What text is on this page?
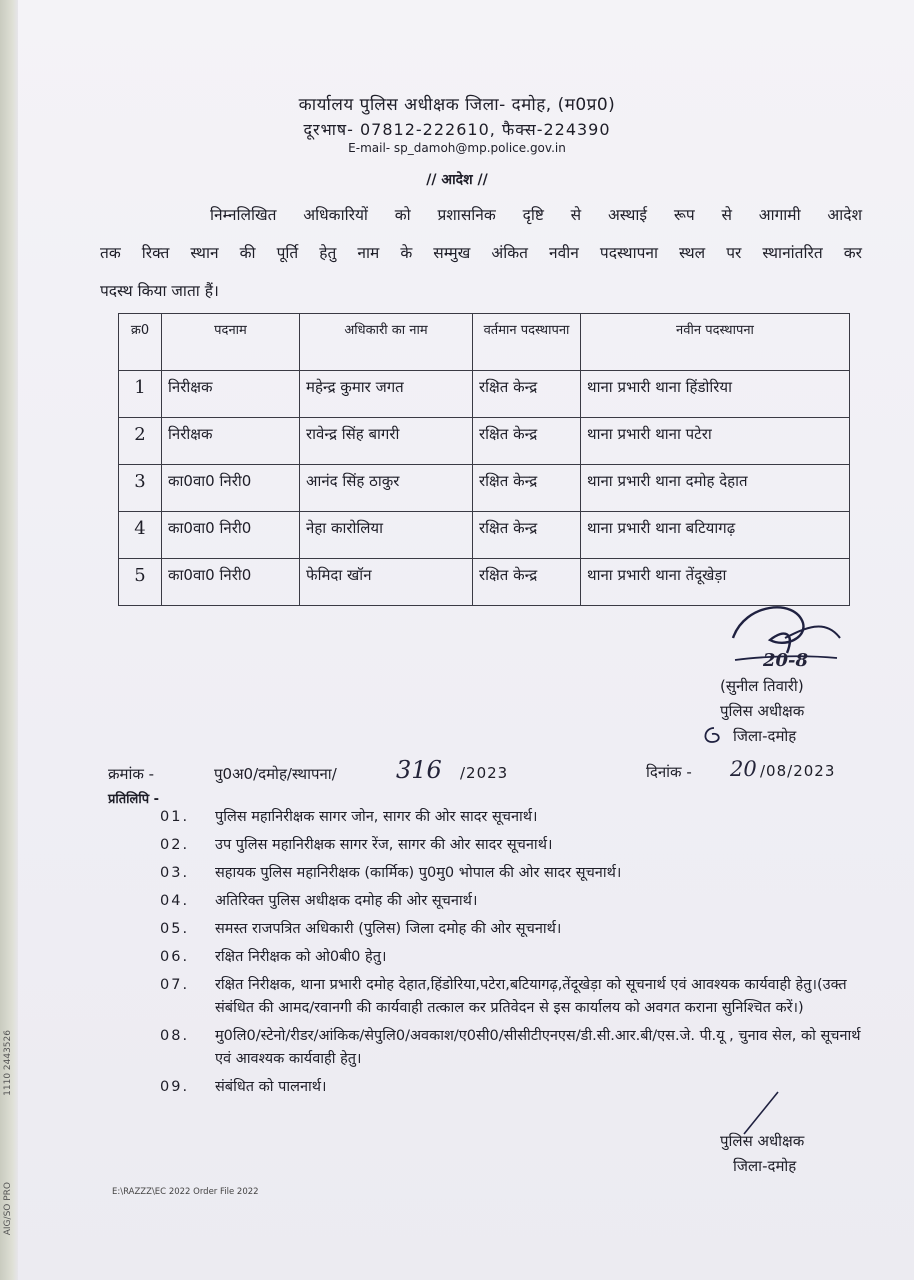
1110 2443526
AIG/SO PRO
कार्यालय पुलिस अधीक्षक जिला- दमोह, (म0प्र0)
दूरभाष- 07812-222610, फैक्स-224390
E-mail- sp_damoh@mp.police.gov.in
// आदेश //
निम्नलिखित अधिकारियों को प्रशासनिक दृष्टि से अस्थाई रूप से आगामी आदेश
तक रिक्त स्थान की पूर्ति हेतु नाम के सम्मुख अंकित नवीन पदस्थापना स्थल पर स्थानांतरित कर
पदस्थ किया जाता हैं।
क्र0	पदनाम	अधिकारी का नाम	वर्तमान पदस्थापना	नवीन पदस्थापना
1	निरीक्षक	महेन्द्र कुमार जगत	रक्षित केन्द्र	थाना प्रभारी थाना हिंडोरिया
2	निरीक्षक	रावेन्द्र सिंह बागरी	रक्षित केन्द्र	थाना प्रभारी थाना पटेरा
3	का0वा0 निरी0	आनंद सिंह ठाकुर	रक्षित केन्द्र	थाना प्रभारी थाना दमोह देहात
4	का0वा0 निरी0	नेहा कारोलिया	रक्षित केन्द्र	थाना प्रभारी थाना बटियागढ़
5	का0वा0 निरी0	फेमिदा खॉन	रक्षित केन्द्र	थाना प्रभारी थाना तेंदूखेड़ा
20-8
(सुनील तिवारी)
पुलिस अधीक्षक
जिला-दमोह
क्रमांक -	पु0अ0/दमोह/स्थापना/ 316 /2023	दिनांक - 20 /08/2023
प्रतिलिपि -
01.	पुलिस महानिरीक्षक सागर जोन, सागर की ओर सादर सूचनार्थ।
02.	उप पुलिस महानिरीक्षक सागर रेंज, सागर की ओर सादर सूचनार्थ।
03.	सहायक पुलिस महानिरीक्षक (कार्मिक) पु0मु0 भोपाल की ओर सादर सूचनार्थ।
04.	अतिरिक्त पुलिस अधीक्षक दमोह की ओर सूचनार्थ।
05.	समस्त राजपत्रित अधिकारी (पुलिस) जिला दमोह की ओर सूचनार्थ।
06.	रक्षित निरीक्षक को ओ0बी0 हेतु।
07.	रक्षित निरीक्षक, थाना प्रभारी दमोह देहात,हिंडोरिया,पटेरा,बटियागढ़,तेंदूखेड़ा को सूचनार्थ एवं आवश्यक कार्यवाही हेतु।(उक्त संबंधित की आमद/रवानगी की कार्यवाही तत्काल कर प्रतिवेदन से इस कार्यालय को अवगत कराना सुनिश्चित करें।)
08.	मु0लि0/स्टेनो/रीडर/आंकिक/सेपुलि0/अवकाश/ए0सी0/सीसीटीएनएस/डी.सी.आर.बी/एस.जे. पी.यू , चुनाव सेल, को सूचनार्थ एवं आवश्यक कार्यवाही हेतु।
09.	संबंधित को पालनार्थ।
पुलिस अधीक्षक
जिला-दमोह
E:\RAZZZ\EC 2022 Order File 2022
